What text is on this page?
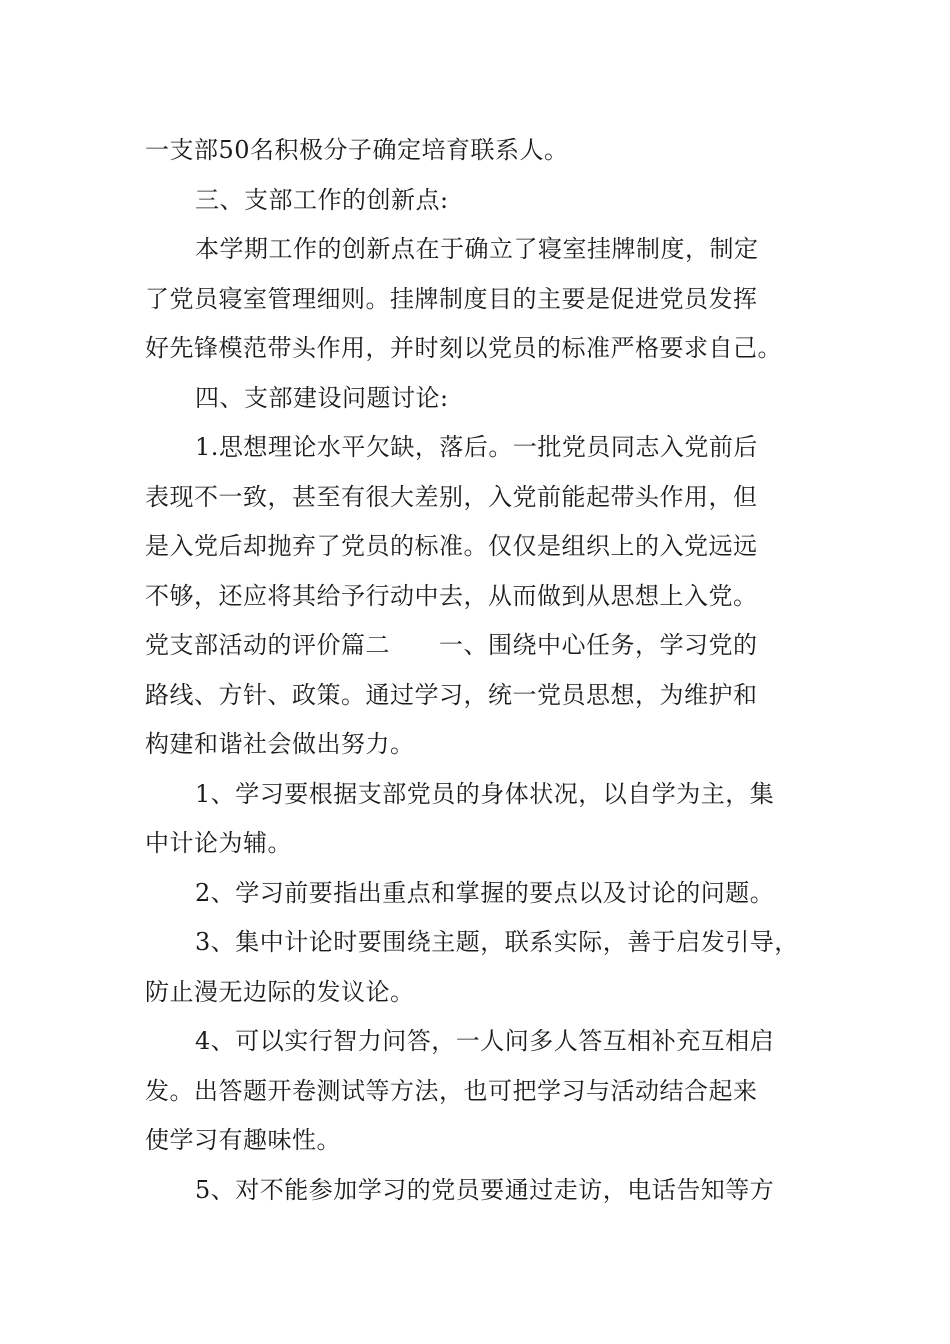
一支部50名积极分子确定培育联系人。
三、支部工作的创新点:
本学期工作的创新点在于确立了寝室挂牌制度，制定
了党员寝室管理细则。挂牌制度目的主要是促进党员发挥
好先锋模范带头作用，并时刻以党员的标准严格要求自己。
四、支部建设问题讨论:
1.思想理论水平欠缺，落后。一批党员同志入党前后
表现不一致，甚至有很大差别，入党前能起带头作用，但
是入党后却抛弃了党员的标准。仅仅是组织上的入党远远
不够，还应将其给予行动中去，从而做到从思想上入党。
党支部活动的评价篇二　　一、围绕中心任务，学习党的
路线、方针、政策。通过学习，统一党员思想，为维护和
构建和谐社会做出努力。
1、学习要根据支部党员的身体状况，以自学为主，集
中计论为辅。
2、学习前要指出重点和掌握的要点以及讨论的问题。
3、集中计论时要围绕主题，联系实际，善于启发引导，
防止漫无边际的发议论。
4、可以实行智力问答，一人问多人答互相补充互相启
发。出答题开卷测试等方法，也可把学习与活动结合起来
使学习有趣味性。
5、对不能参加学习的党员要通过走访，电话告知等方
